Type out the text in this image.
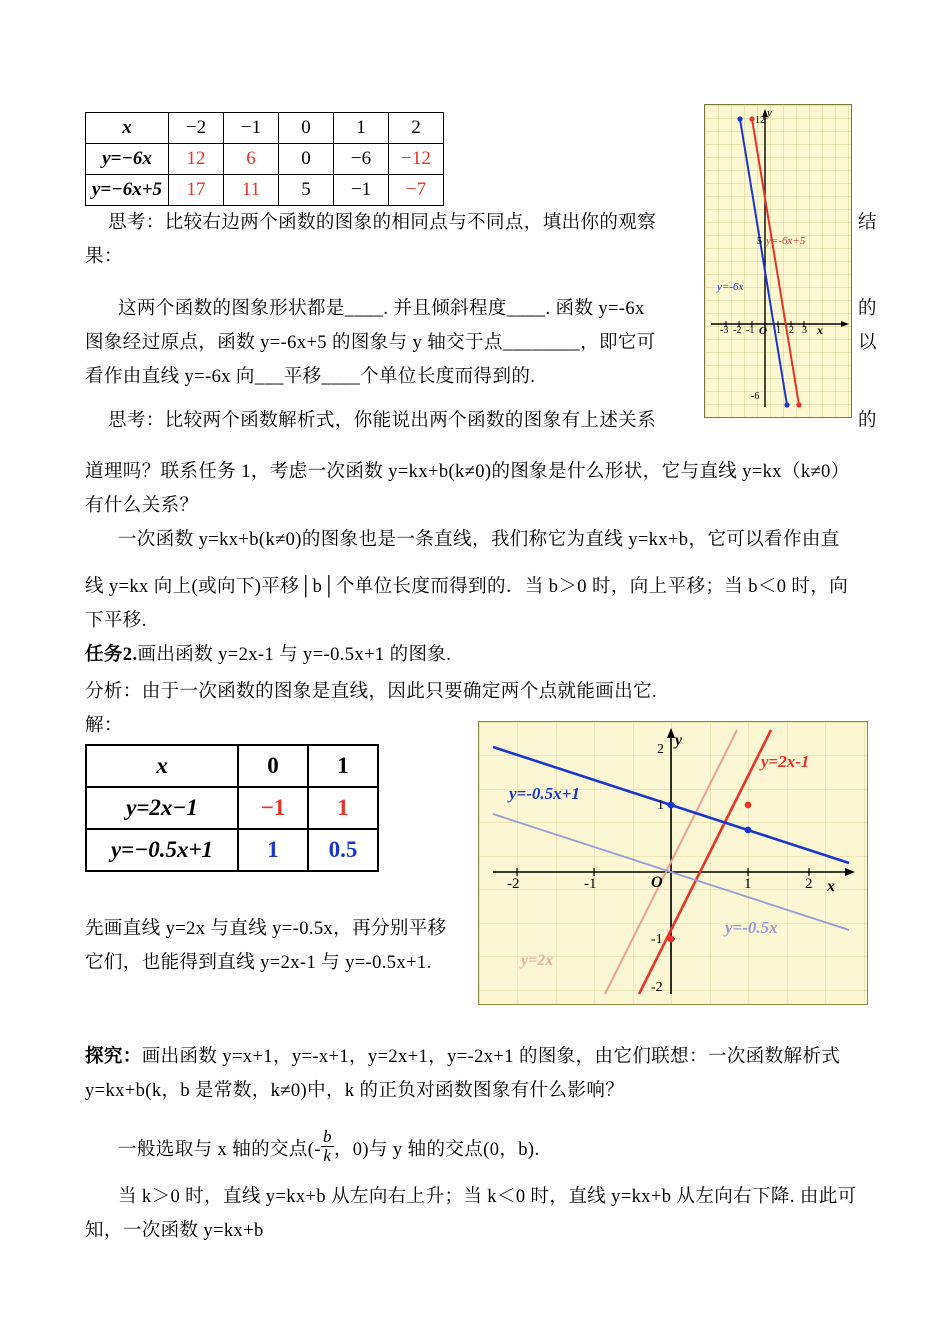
x	−2	−1	0	1	2
y=−6x	12	6	0	−6	−12
y=−6x+5	17	11	5	−1	−7
y
12
5
-6
-3 -2 -1 O 1 2 3 x
y=-6x+5
y=-6x
思考：比较右边两个函数的图象的相同点与不同点，填出你的观察	结
果：
这两个函数的图象形状都是____. 并且倾斜程度____. 函数 y=-6x	的
图象经过原点，函数 y=-6x+5 的图象与 y 轴交于点________，即它可	以
看作由直线 y=-6x 向___平移____个单位长度而得到的.
思考：比较两个函数解析式，你能说出两个函数的图象有上述关系	的
道理吗？联系任务 1，考虑一次函数 y=kx+b(k≠0)的图象是什么形状，它与直线 y=kx（k≠0）
有什么关系？
一次函数 y=kx+b(k≠0)的图象也是一条直线，我们称它为直线 y=kx+b，它可以看作由直
线 y=kx 向上(或向下)平移│b│个单位长度而得到的．当 b＞0 时，向上平移；当 b＜0 时，向
下平移.
任务2.画出函数 y=2x-1 与 y=-0.5x+1 的图象.
分析：由于一次函数的图象是直线，因此只要确定两个点就能画出它.
解：
x	0	1
y=2x−1	−1	1
y=−0.5x+1	1	0.5
y
2
1
-1
-2
-2	-1	O	1	2 x
y=2x-1
y=-0.5x+1
y=2x
y=-0.5x
先画直线 y=2x 与直线 y=-0.5x，再分别平移
它们，也能得到直线 y=2x-1 与 y=-0.5x+1.
探究：画出函数 y=x+1，y=-x+1，y=2x+1，y=-2x+1 的图象，由它们联想：一次函数解析式
y=kx+b(k，b 是常数，k≠0)中，k 的正负对函数图象有什么影响？
一般选取与 x 轴的交点(- $\frac{b}{k}$ ，0)与 y 轴的交点(0，b).
当 k＞0 时，直线 y=kx+b 从左向右上升；当 k＜0 时，直线 y=kx+b 从左向右下降. 由此可
知，一次函数 y=kx+b
